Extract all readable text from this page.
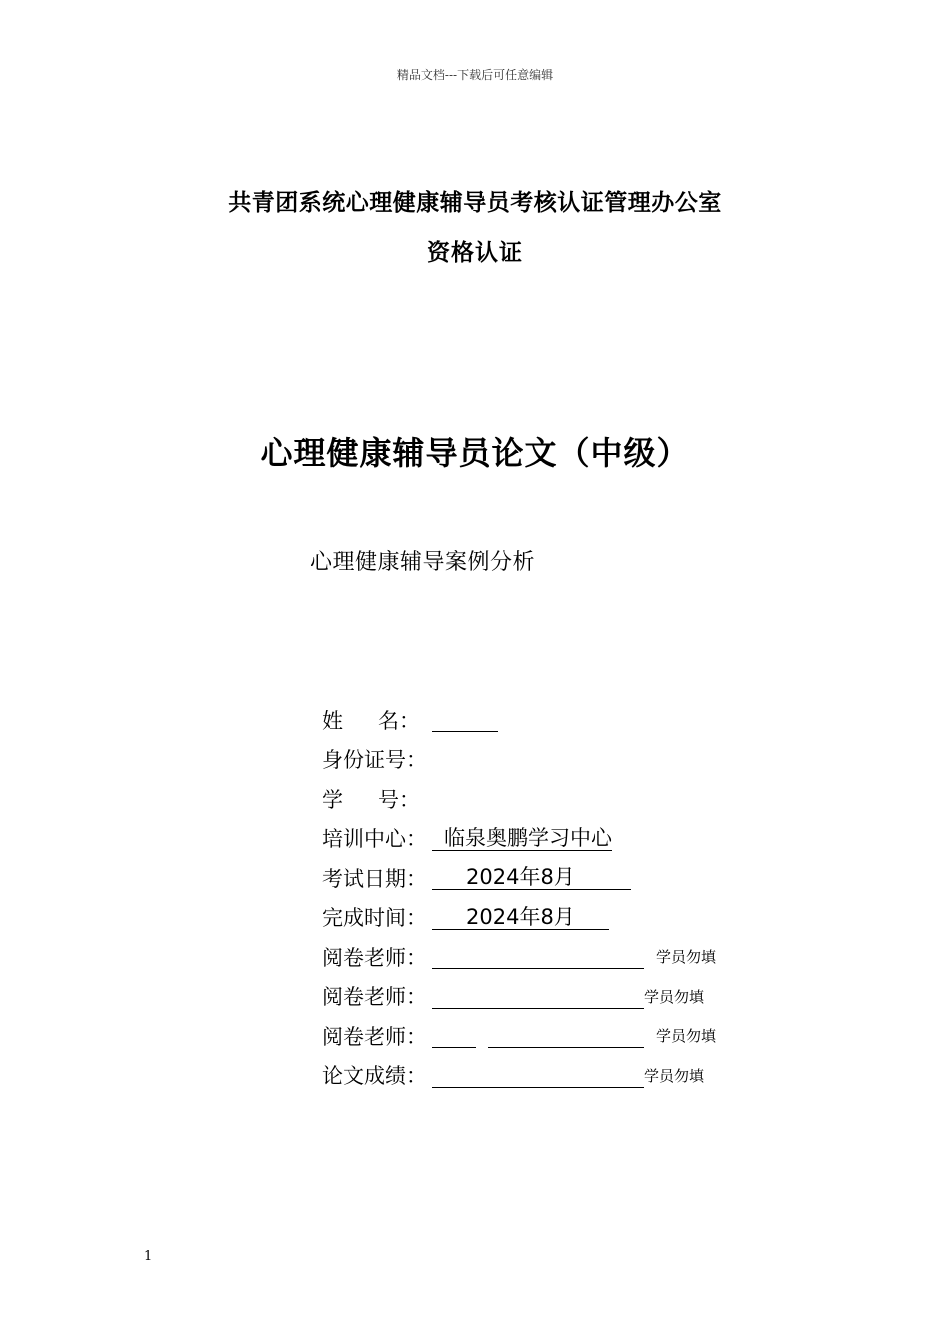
精品文档---下载后可任意编辑
共青团系统心理健康辅导员考核认证管理办公室
资格认证
心理健康辅导员论文（中级）
心理健康辅导案例分析
姓 名：
身份证号：
学 号：
培训中心： 临泉奥鹏学习中心
考试日期：	2024年8月
完成时间：	2024年8月
阅卷老师：	学员勿填
阅卷老师：	学员勿填
阅卷老师：	学员勿填
论文成绩：	学员勿填
1
